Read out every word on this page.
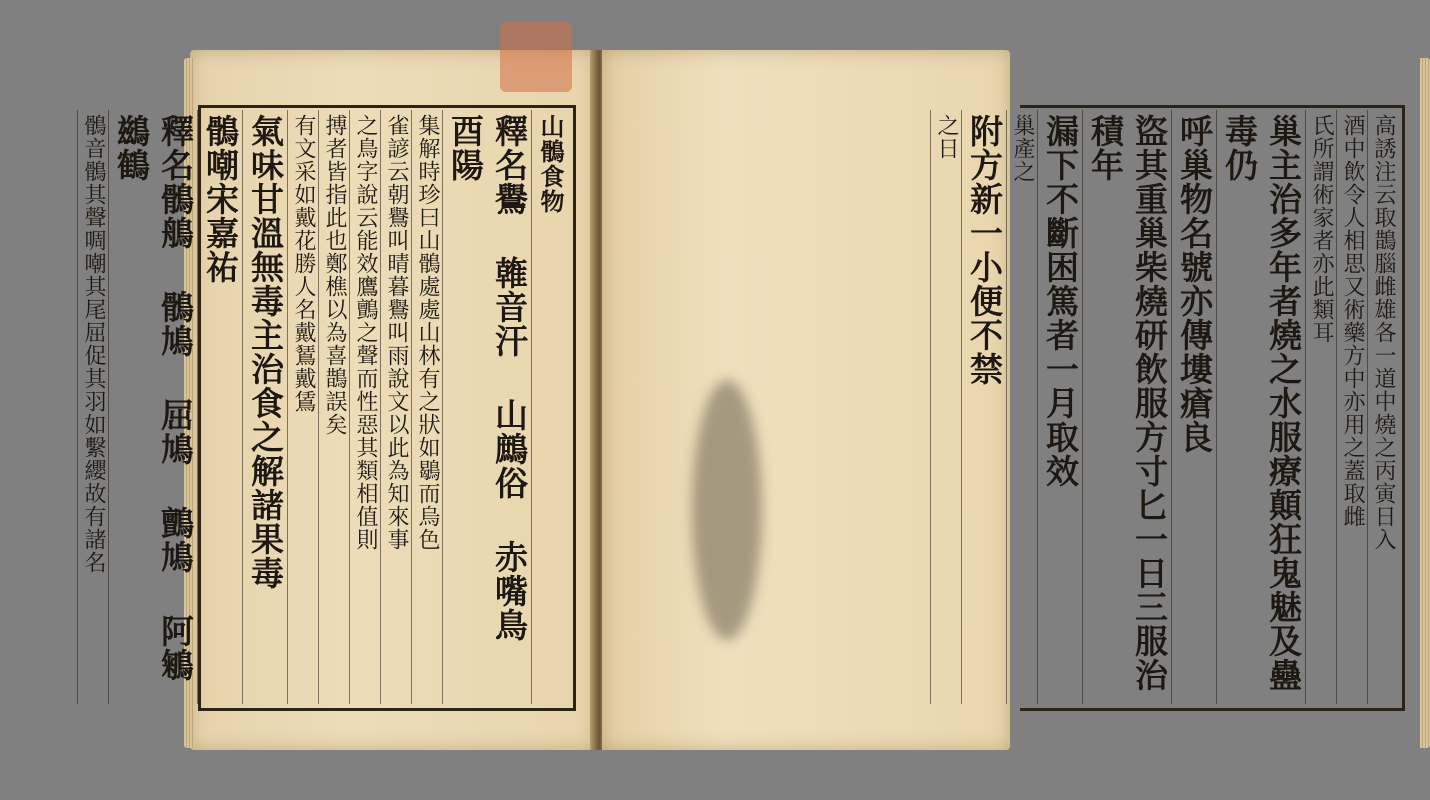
山鶻食物
釋名鸒 雗音汗 山鷓俗 赤嘴鳥 酉陽
集解時珍曰山鶻處處山林有之狀如鶡而烏色
雀諺云朝鸒叫晴暮鸒叫雨說文以此為知來事
之鳥字說云能效鷹鸇之聲而性惡其類相值則
搏者皆指此也鄭樵以為喜鵲誤矣
有文采如戴花勝人名戴鵟戴鵀
氣味甘溫無毒主治食之解諸果毒
鶻嘲宋嘉祐
釋名鶻鵃 鶻鳩 屈鳩 鸇鳩 阿鵴 鷀鶴
鶻音鶻其聲啁嘲其尾屈促其羽如繫纓故有諸名	高誘注云取鵲腦雌雄各一道中燒之丙寅日入
酒中飲令人相思又術藥方中亦用之蓋取雌
氏所謂術家者亦此類耳
巢主治多年者燒之水服療顛狂鬼魅及蠱毒仍
呼巢物名號亦傳塿瘡良
盜其重巢柴燒研飲服方寸匕一日三服治積年
漏下不斷困篤者一月取效
巢產之
附方新一小便不禁
之日
